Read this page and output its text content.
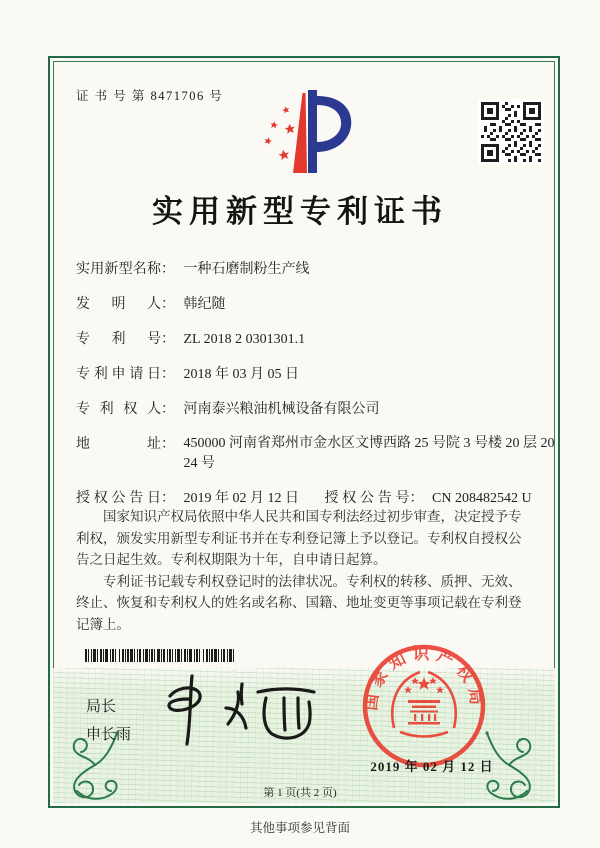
证 书 号 第 8471706 号
实用新型专利证书
实用新型名称： 一种石磨制粉生产线
发明人： 韩纪随
专利号： ZL 2018 2 0301301.1
专利申请日： 2018 年 03 月 05 日
专利权人： 河南泰兴粮油机械设备有限公司
地址： 450000 河南省郑州市金水区文博西路 25 号院 3 号楼 20 层 2024 号
授权公告日： 2019 年 02 月 12 日 授权公告号： CN 208482542 U

国家知识产权局依照中华人民共和国专利法经过初步审查，决定授予专利权，颁发实用新型专利证书并在专利登记簿上予以登记。专利权自授权公告之日起生效。专利权期限为十年，自申请日起算。

专利证书记载专利权登记时的法律状况。专利权的转移、质押、无效、终止、恢复和专利权人的姓名或名称、国籍、地址变更等事项记载在专利登记簿上。

局长
申长雨
国家知识产权局
2019 年 02 月 12 日
第 1 页(共 2 页)
其他事项参见背面
